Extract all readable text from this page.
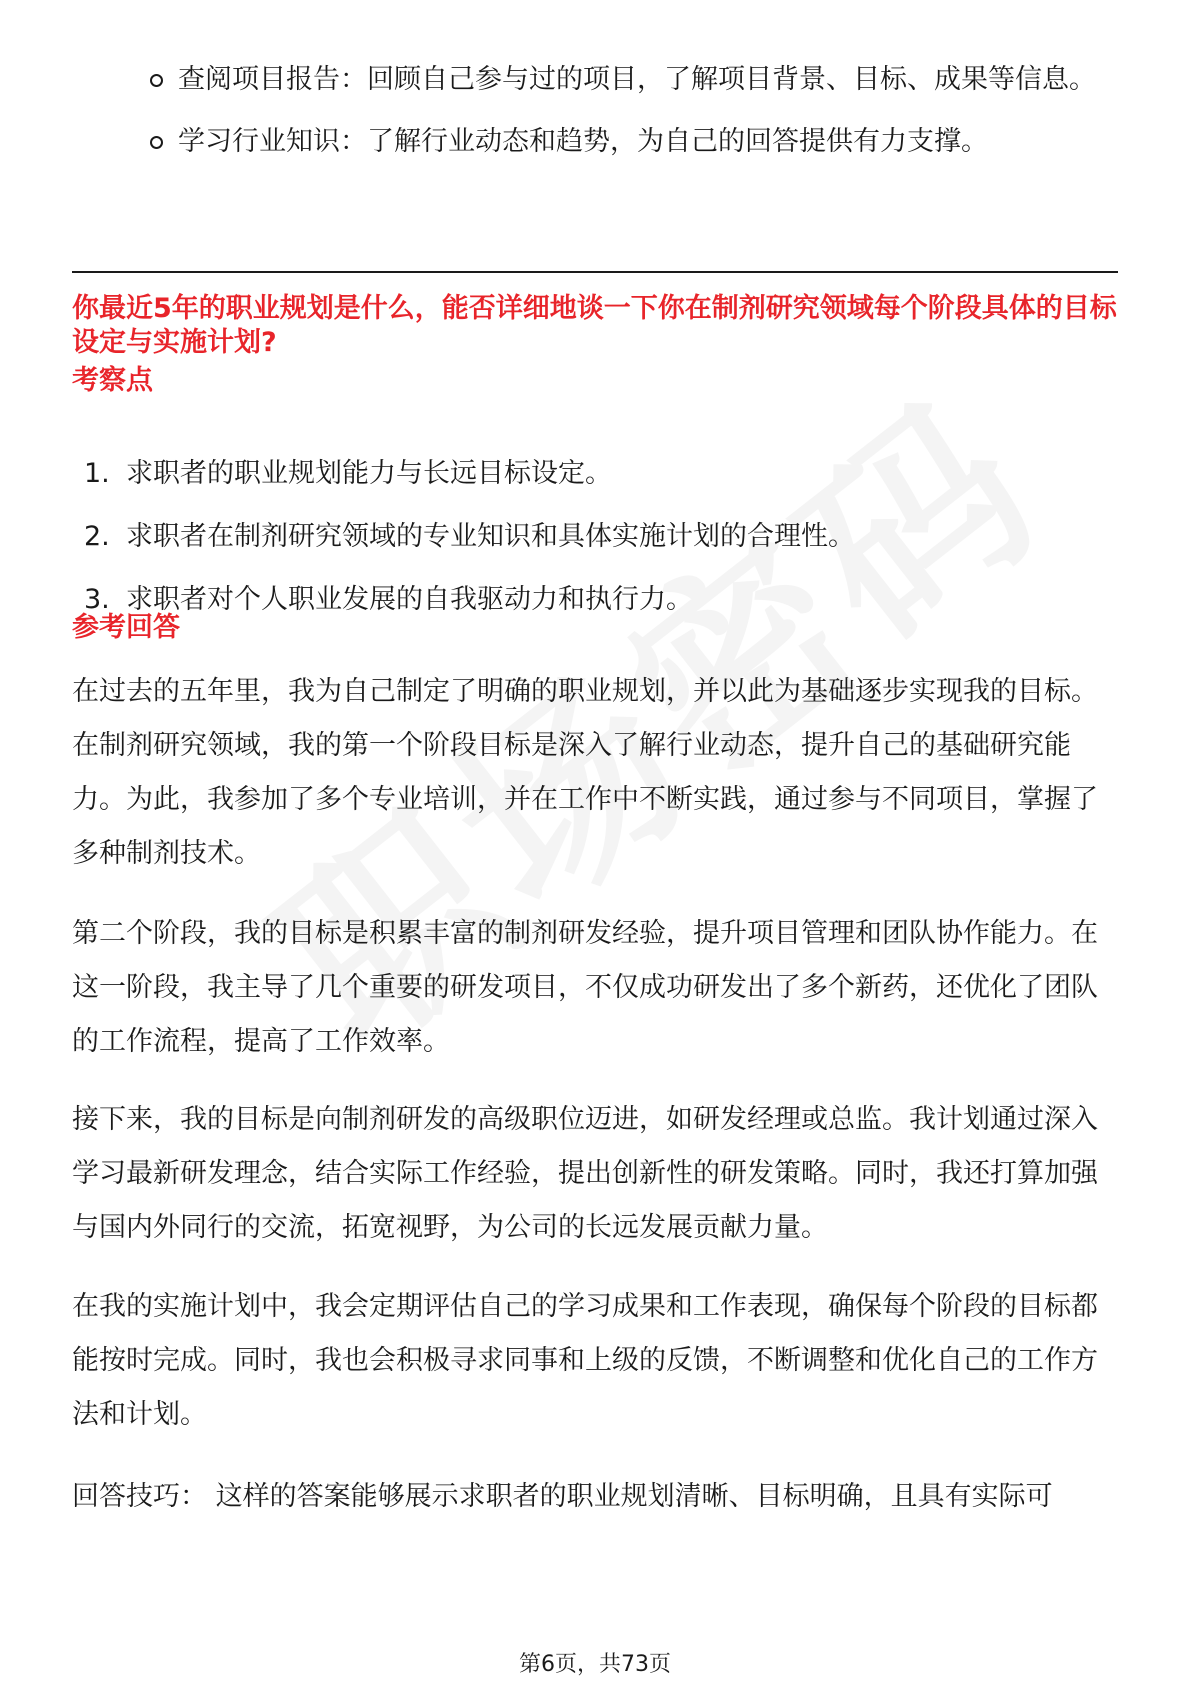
查阅项目报告：回顾自己参与过的项目，了解项目背景、目标、成果等信息。
学习行业知识：了解行业动态和趋势，为自己的回答提供有力支撑。
你最近5年的职业规划是什么，能否详细地谈一下你在制剂研究领域每个阶段具体的目标设定与实施计划?
考察点
1. 求职者的职业规划能力与长远目标设定。
2. 求职者在制剂研究领域的专业知识和具体实施计划的合理性。
3. 求职者对个人职业发展的自我驱动力和执行力。
参考回答
在过去的五年里，我为自己制定了明确的职业规划，并以此为基础逐步实现我的目标。在制剂研究领域，我的第一个阶段目标是深入了解行业动态，提升自己的基础研究能力。为此，我参加了多个专业培训，并在工作中不断实践，通过参与不同项目，掌握了多种制剂技术。
第二个阶段，我的目标是积累丰富的制剂研发经验，提升项目管理和团队协作能力。在这一阶段，我主导了几个重要的研发项目，不仅成功研发出了多个新药，还优化了团队的工作流程，提高了工作效率。
接下来，我的目标是向制剂研发的高级职位迈进，如研发经理或总监。我计划通过深入学习最新研发理念，结合实际工作经验，提出创新性的研发策略。同时，我还打算加强与国内外同行的交流，拓宽视野，为公司的长远发展贡献力量。
在我的实施计划中，我会定期评估自己的学习成果和工作表现，确保每个阶段的目标都能按时完成。同时，我也会积极寻求同事和上级的反馈，不断调整和优化自己的工作方法和计划。
回答技巧： 这样的答案能够展示求职者的职业规划清晰、目标明确，且具有实际可
第6页，共73页
